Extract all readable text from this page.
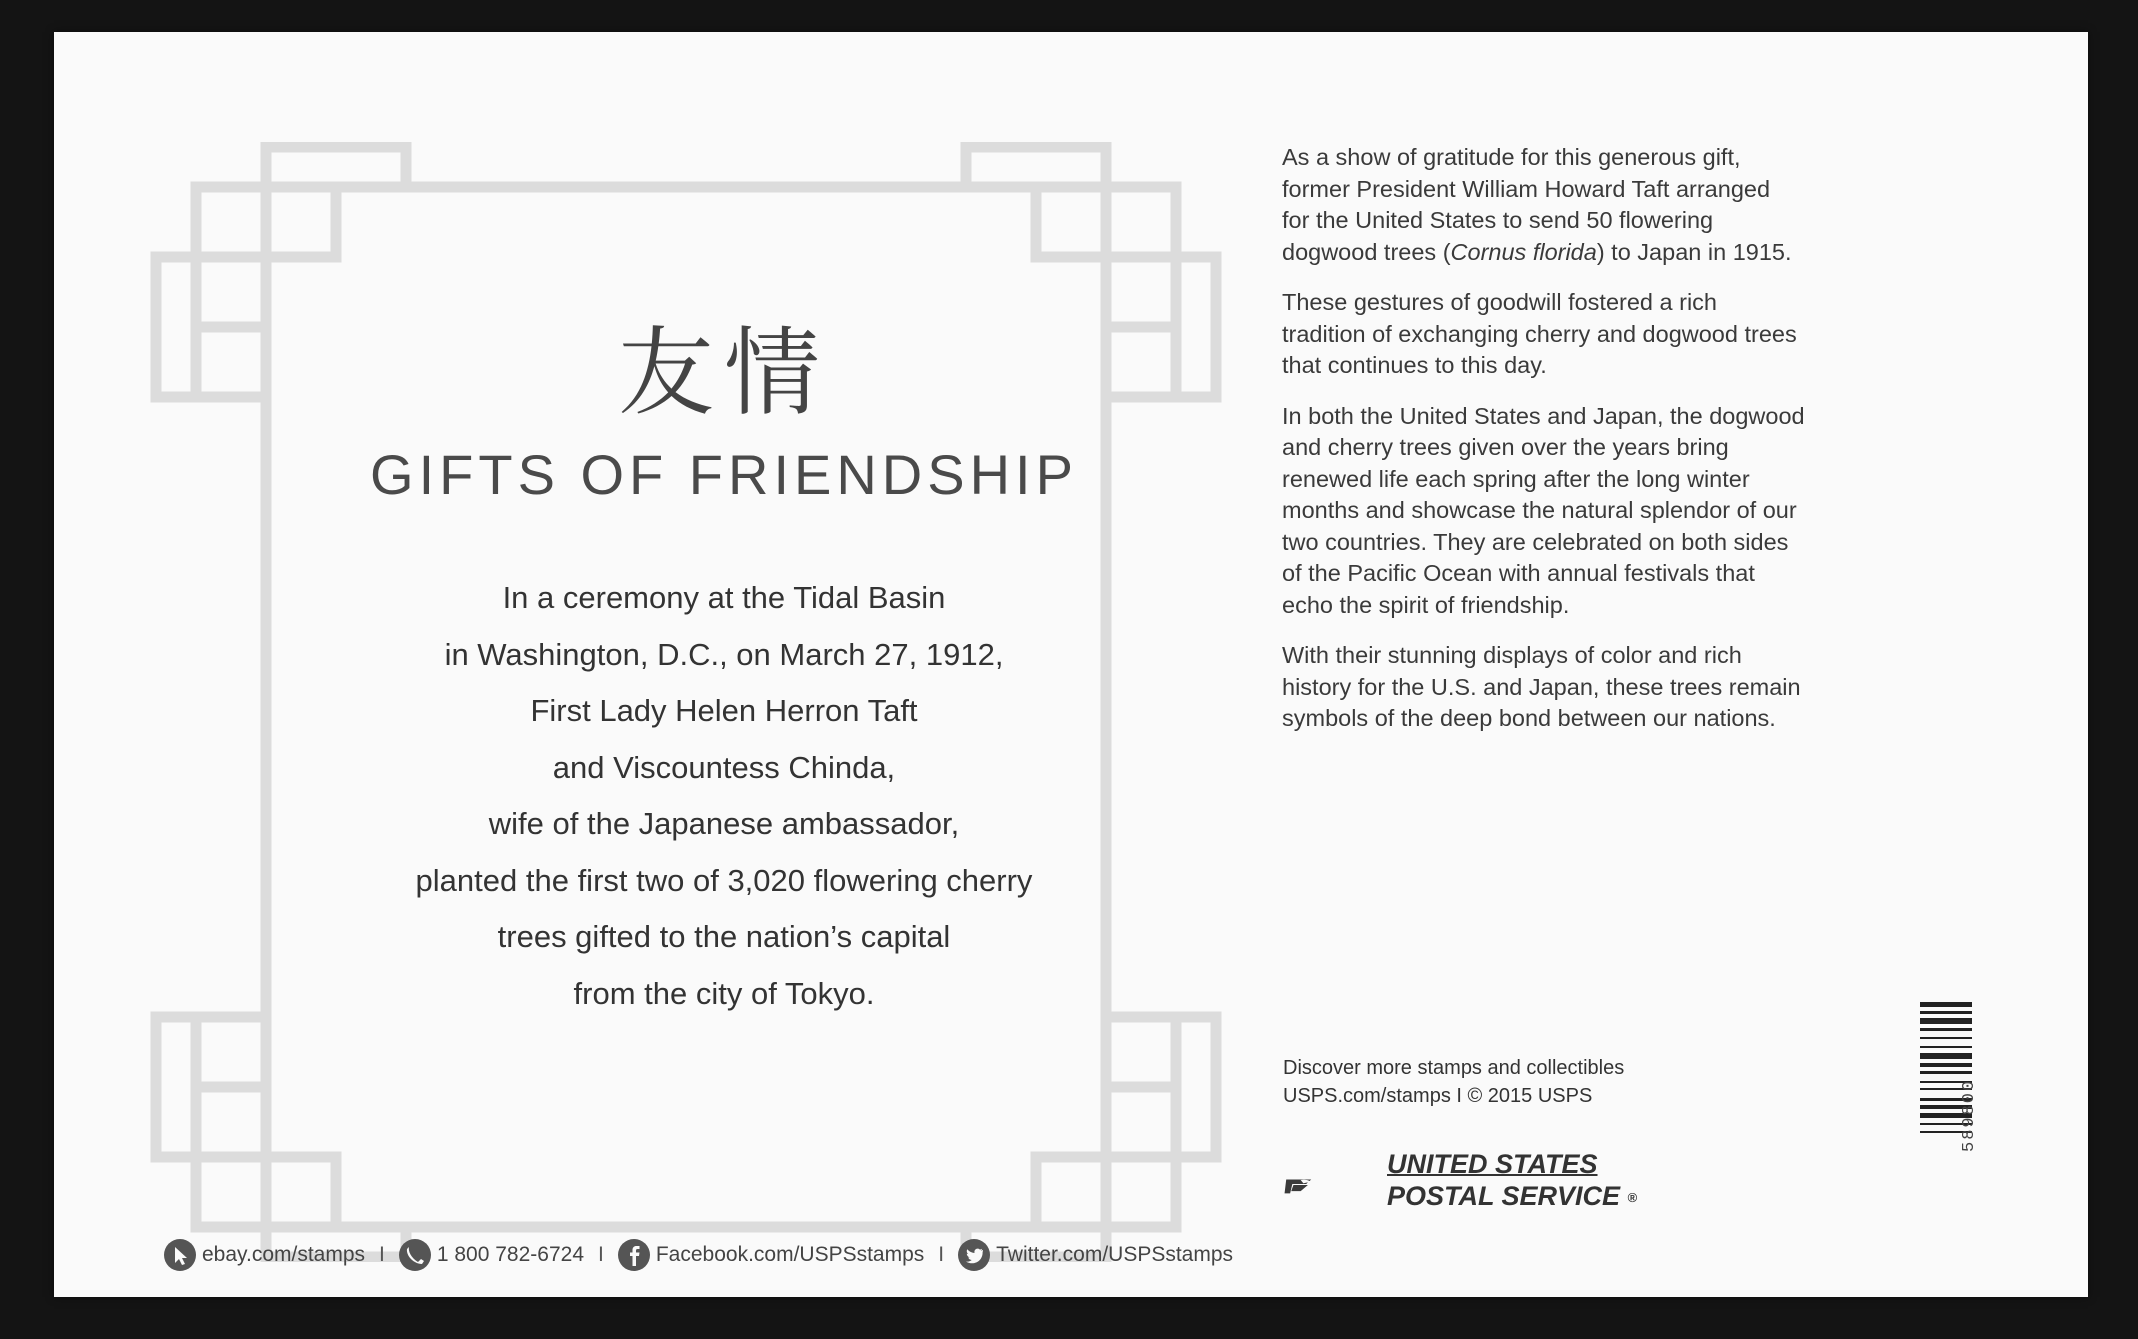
友情
GIFTS OF FRIENDSHIP
In a ceremony at the Tidal Basin
in Washington, D.C., on March 27, 1912,
First Lady Helen Herron Taft
and Viscountess Chinda,
wife of the Japanese ambassador,
planted the first two of 3,020 flowering cherry
trees gifted to the nation’s capital
from the city of Tokyo.

As a show of gratitude for this generous gift,
former President William Howard Taft arranged
for the United States to send 50 flowering
dogwood trees (Cornus florida) to Japan in 1915.

These gestures of goodwill fostered a rich
tradition of exchanging cherry and dogwood trees
that continues to this day.

In both the United States and Japan, the dogwood
and cherry trees given over the years bring
renewed life each spring after the long winter
months and showcase the natural splendor of our
two countries. They are celebrated on both sides
of the Pacific Ocean with annual festivals that
echo the spirit of friendship.

With their stunning displays of color and rich
history for the U.S. and Japan, these trees remain
symbols of the deep bond between our nations.

Discover more stamps and collectibles
USPS.com/stamps I © 2015 USPS
UNITED STATES
POSTAL SERVICE ®
589800
ebay.com/stamps I 1 800 782-6724 I Facebook.com/USPSstamps I Twitter.com/USPSstamps
